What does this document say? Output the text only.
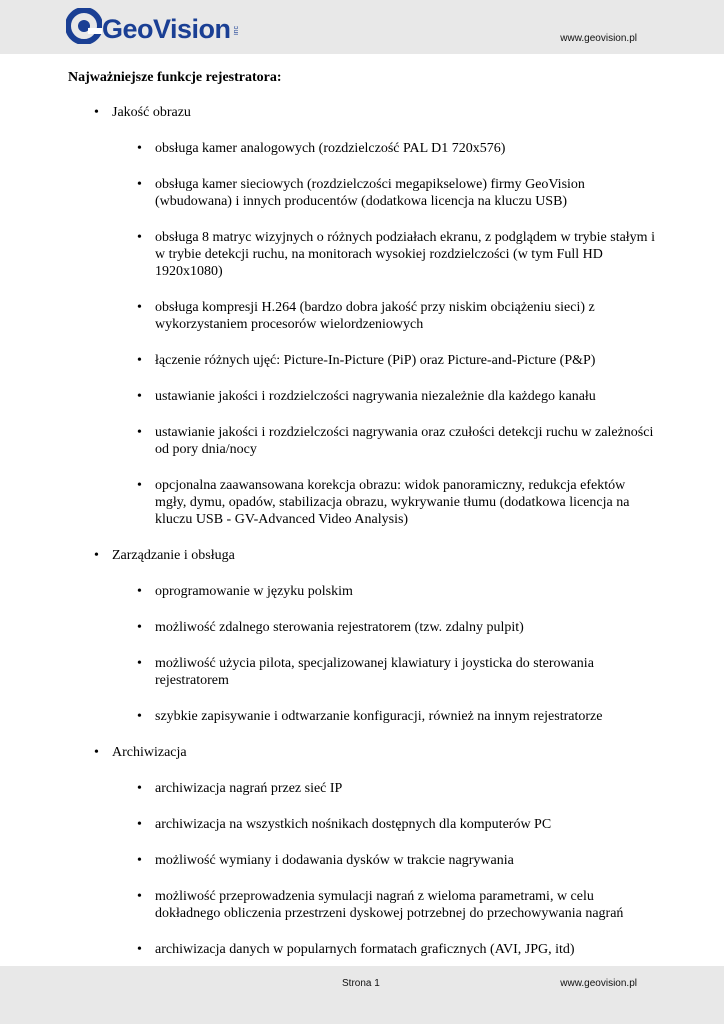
GeoVision inc
www.geovision.pl

Najważniejsze funkcje rejestratora:

• Jakość obrazu
• obsługa kamer analogowych (rozdzielczość PAL D1 720x576)
• obsługa kamer sieciowych (rozdzielczości megapikselowe) firmy GeoVision (wbudowana) i innych producentów (dodatkowa licencja na kluczu USB)
• obsługa 8 matryc wizyjnych o różnych podziałach ekranu, z podglądem w trybie stałym i w trybie detekcji ruchu, na monitorach wysokiej rozdzielczości (w tym Full HD 1920x1080)
• obsługa kompresji H.264 (bardzo dobra jakość przy niskim obciążeniu sieci) z wykorzystaniem procesorów wielordzeniowych
• łączenie różnych ujęć: Picture-In-Picture (PiP) oraz Picture-and-Picture (P&P)
• ustawianie jakości i rozdzielczości nagrywania niezależnie dla każdego kanału
• ustawianie jakości i rozdzielczości nagrywania oraz czułości detekcji ruchu w zależności od pory dnia/nocy
• opcjonalna zaawansowana korekcja obrazu: widok panoramiczny, redukcja efektów mgły, dymu, opadów, stabilizacja obrazu, wykrywanie tłumu (dodatkowa licencja na kluczu USB - GV-Advanced Video Analysis)
• Zarządzanie i obsługa
• oprogramowanie w języku polskim
• możliwość zdalnego sterowania rejestratorem (tzw. zdalny pulpit)
• możliwość użycia pilota, specjalizowanej klawiatury i joysticka do sterowania rejestratorem
• szybkie zapisywanie i odtwarzanie konfiguracji, również na innym rejestratorze
• Archiwizacja
• archiwizacja nagrań przez sieć IP
• archiwizacja na wszystkich nośnikach dostępnych dla komputerów PC
• możliwość wymiany i dodawania dysków w trakcie nagrywania
• możliwość przeprowadzenia symulacji nagrań z wieloma parametrami, w celu dokładnego obliczenia przestrzeni dyskowej potrzebnej do przechowywania nagrań
• archiwizacja danych w popularnych formatach graficznych (AVI, JPG, itd)
Strona 1	www.geovision.pl
